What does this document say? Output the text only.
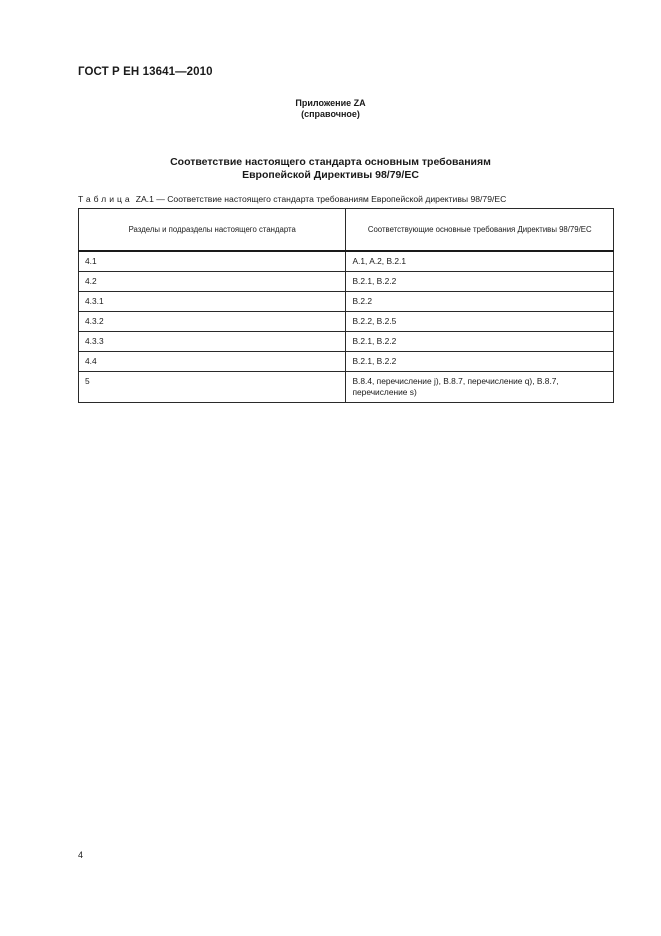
ГОСТ Р ЕН 13641—2010
Приложение ZA
(справочное)
Соответствие настоящего стандарта основным требованиям
Европейской Директивы 98/79/ЕС
Таблица ZA.1 — Соответствие настоящего стандарта требованиям Европейской директивы 98/79/ЕС
Разделы и подразделы настоящего стандарта	Соответствующие основные требования Директивы 98/79/ЕС
4.1	A.1, A.2, B.2.1
4.2	B.2.1, B.2.2
4.3.1	B.2.2
4.3.2	B.2.2, B.2.5
4.3.3	B.2.1, B.2.2
4.4	B.2.1, B.2.2
5	B.8.4, перечисление j), B.8.7, перечисление q), B.8.7, перечисление s)
4
